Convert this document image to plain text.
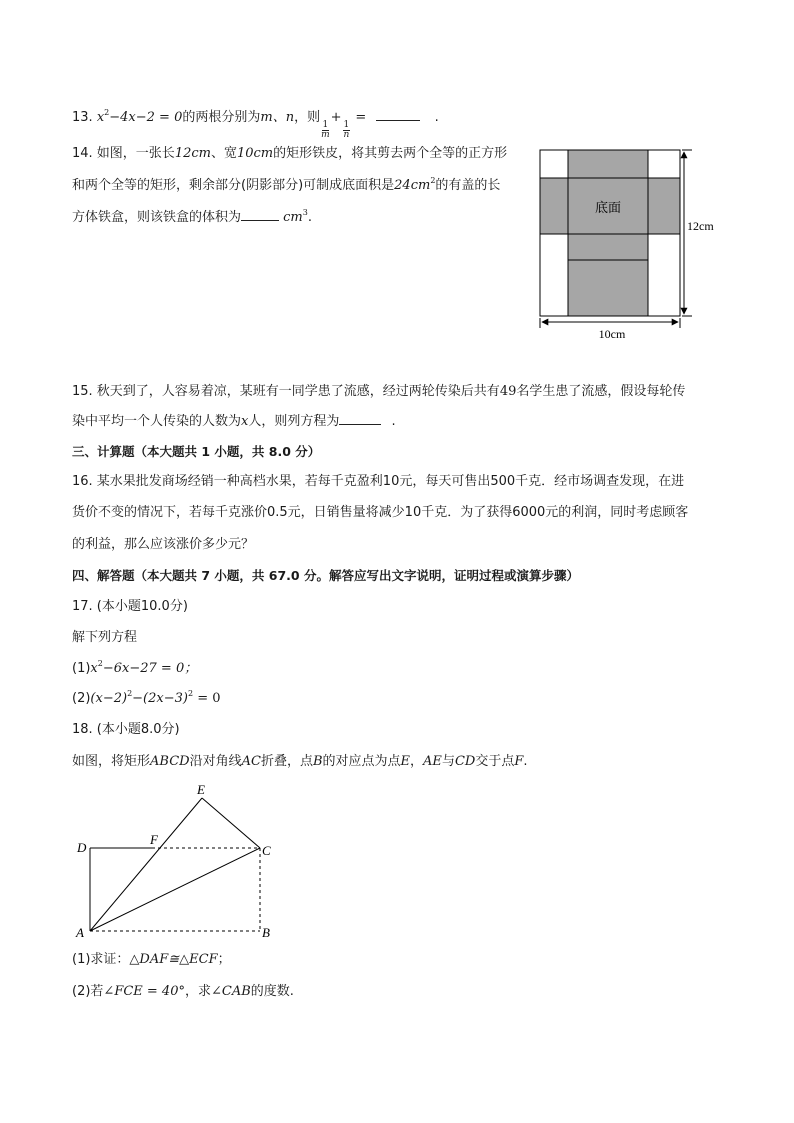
13. $x^2-4x-2 = 0$的两根分别为m、n，则
$\frac{1}{m}$
+
$\frac{1}{n}$
=	.
14. 如图，一张长12cm、宽10cm的矩形铁皮，将其剪去两个全等的正方形
和两个全等的矩形，剩余部分(阴影部分)可制成底面积是$24cm^2$的有盖的长
方体铁盒，则该铁盒的体积为	$cm^3$.
底面
12cm
10cm
15. 秋天到了，人容易着凉，某班有一同学患了流感，经过两轮传染后共有49名学生患了流感，假设每轮传
染中平均一个人传染的人数为x人，则列方程为	.
三、计算题（本大题共 1 小题，共 8.0 分）
16. 某水果批发商场经销一种高档水果，若每千克盈利10元，每天可售出500千克．经市场调查发现，在进
货价不变的情况下，若每千克涨价0.5元，日销售量将减少10千克．为了获得6000元的利润，同时考虑顾客
的利益，那么应该涨价多少元？
四、解答题（本大题共 7 小题，共 67.0 分。解答应写出文字说明，证明过程或演算步骤）
17. (本小题10.0分)
解下列方程
$(1)x^2-6x-27 = 0$；
$(2)(x-2)^2-(2x-3)^2 = 0$
18. (本小题8.0分)
如图，将矩形ABCD沿对角线AC折叠，点B的对应点为点E，AE与CD交于点F.
E
D
F
C
A	B
(1)求证：△DAF≅△ECF；
(2)若∠FCE = 40°，求∠CAB的度数.
